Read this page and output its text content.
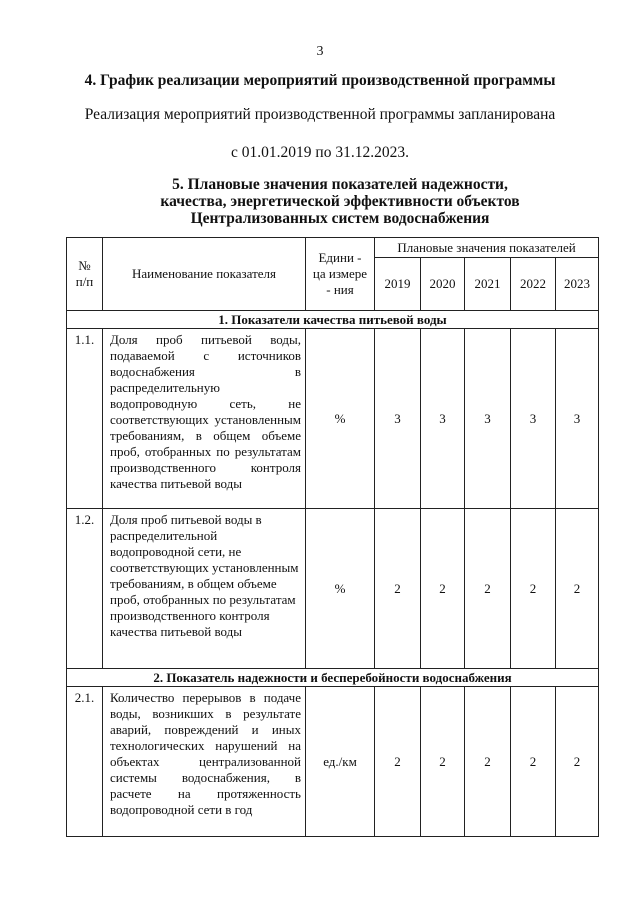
3
4. График реализации мероприятий производственной программы
Реализация мероприятий производственной программы запланирована
с 01.01.2019 по 31.12.2023.
5. Плановые значения показателей надежности,
качества, энергетической эффективности объектов
Централизованных систем водоснабжения
№ п/п	Наименование показателя	Едини - ца измере - ния	Плановые значения показателей				
			2019	2020	2021	2022	2023
1. Показатели качества питьевой воды							
1.1.	Доля проб питьевой воды, подаваемой с источников водоснабжения в распределительную водопроводную сеть, не соответствующих установленным требованиям, в общем объеме проб, отобранных по результатам производственного контроля качества питьевой воды	%	3	3	3	3	3
1.2.	Доля проб питьевой воды в распределительной водопроводной сети, не соответствующих установленным требованиям, в общем объеме проб, отобранных по результатам производственного контроля качества питьевой воды	%	2	2	2	2	2
2. Показатель надежности и бесперебойности водоснабжения							
2.1.	Количество перерывов в подаче воды, возникших в результате аварий, повреждений и иных технологических нарушений на объектах централизованной системы водоснабжения, в расчете на протяженность водопроводной сети в год	ед./км	2	2	2	2	2
